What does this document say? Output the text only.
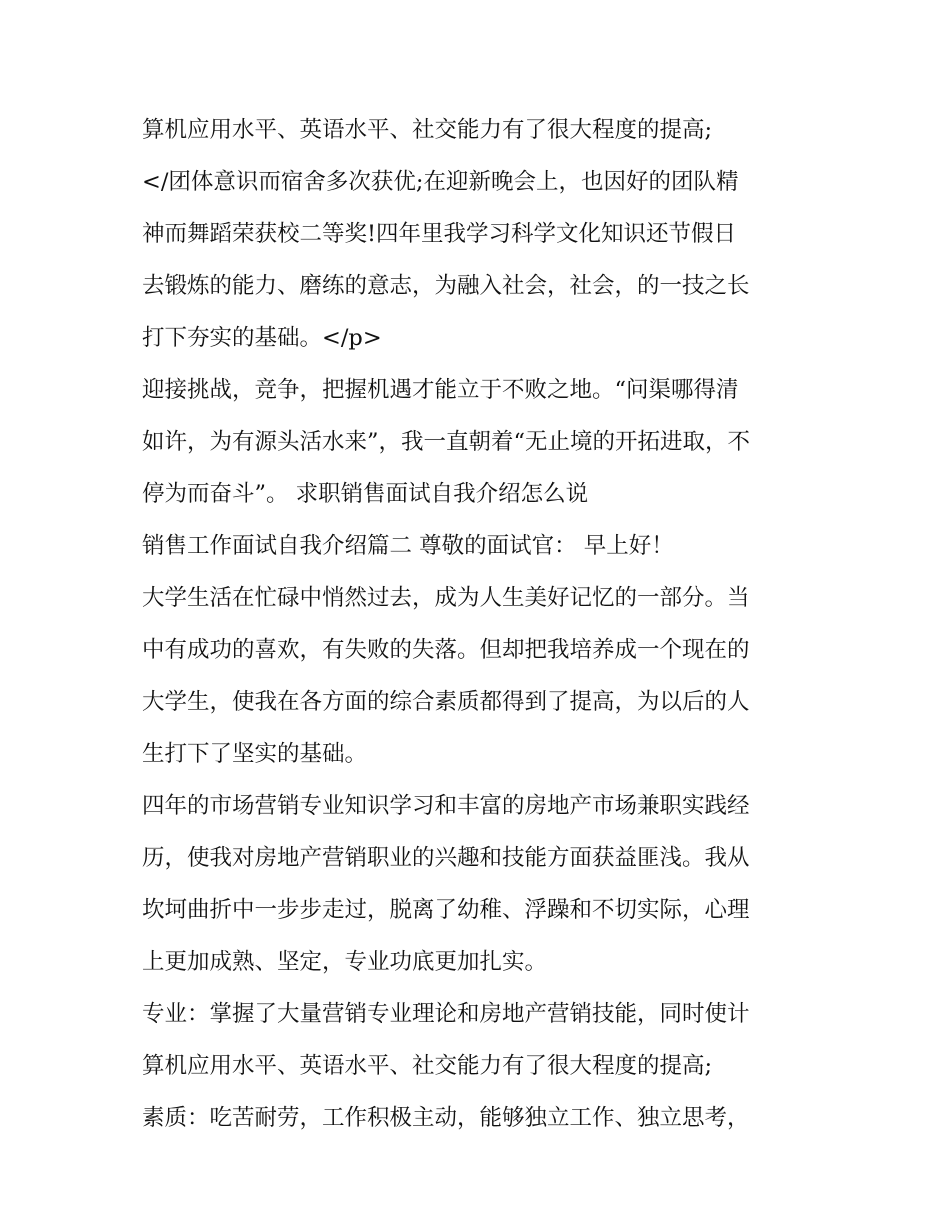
算机应用水平、英语水平、社交能力有了很大程度的提高;
</团体意识而宿舍多次获优;在迎新晚会上，也因好的团队精
神而舞蹈荣获校二等奖!四年里我学习科学文化知识还节假日
去锻炼的能力、磨练的意志，为融入社会，社会，的一技之长
打下夯实的基础。</p>
迎接挑战，竞争，把握机遇才能立于不败之地。“问渠哪得清
如许，为有源头活水来”，我一直朝着“无止境的开拓进取，不
停为而奋斗”。 求职销售面试自我介绍怎么说
销售工作面试自我介绍篇二 尊敬的面试官： 早上好！
大学生活在忙碌中悄然过去，成为人生美好记忆的一部分。当
中有成功的喜欢，有失败的失落。但却把我培养成一个现在的
大学生，使我在各方面的综合素质都得到了提高，为以后的人
生打下了坚实的基础。
四年的市场营销专业知识学习和丰富的房地产市场兼职实践经
历，使我对房地产营销职业的兴趣和技能方面获益匪浅。我从
坎坷曲折中一步步走过，脱离了幼稚、浮躁和不切实际，心理
上更加成熟、坚定，专业功底更加扎实。
专业：掌握了大量营销专业理论和房地产营销技能，同时使计
算机应用水平、英语水平、社交能力有了很大程度的提高;
素质：吃苦耐劳，工作积极主动，能够独立工作、独立思考，
